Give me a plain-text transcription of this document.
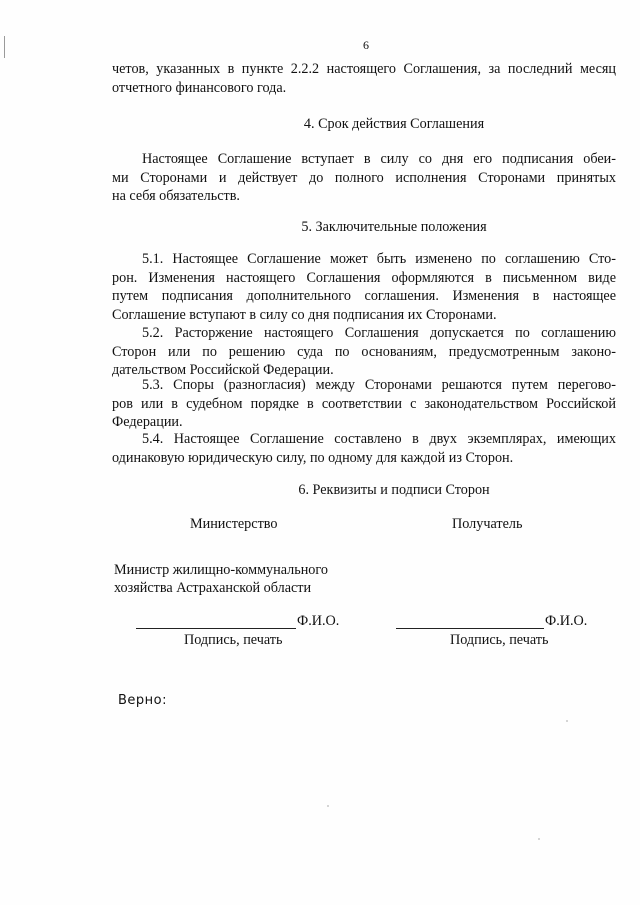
6
четов, указанных в пункте 2.2.2 настоящего Соглашения, за последний месяц
отчетного финансового года.
4. Срок действия Соглашения
Настоящее Соглашение вступает в силу со дня его подписания обеи-
ми Сторонами и действует до полного исполнения Сторонами принятых
на себя обязательств.
5. Заключительные положения
5.1. Настоящее Соглашение может быть изменено по соглашению Сто-
рон. Изменения настоящего Соглашения оформляются в письменном виде
путем подписания дополнительного соглашения. Изменения в настоящее
Соглашение вступают в силу со дня подписания их Сторонами.
5.2. Расторжение настоящего Соглашения допускается по соглашению
Сторон или по решению суда по основаниям, предусмотренным законо-
дательством Российской Федерации.
5.3. Споры (разногласия) между Сторонами решаются путем перегово-
ров или в судебном порядке в соответствии с законодательством Российской
Федерации.
5.4. Настоящее Соглашение составлено в двух экземплярах, имеющих
одинаковую юридическую силу, по одному для каждой из Сторон.
6. Реквизиты и подписи Сторон
Министерство	Получатель
Министр жилищно-коммунального
хозяйства Астраханской области
Ф.И.О.
Подпись, печать
Ф.И.О.
Подпись, печать
Верно:
